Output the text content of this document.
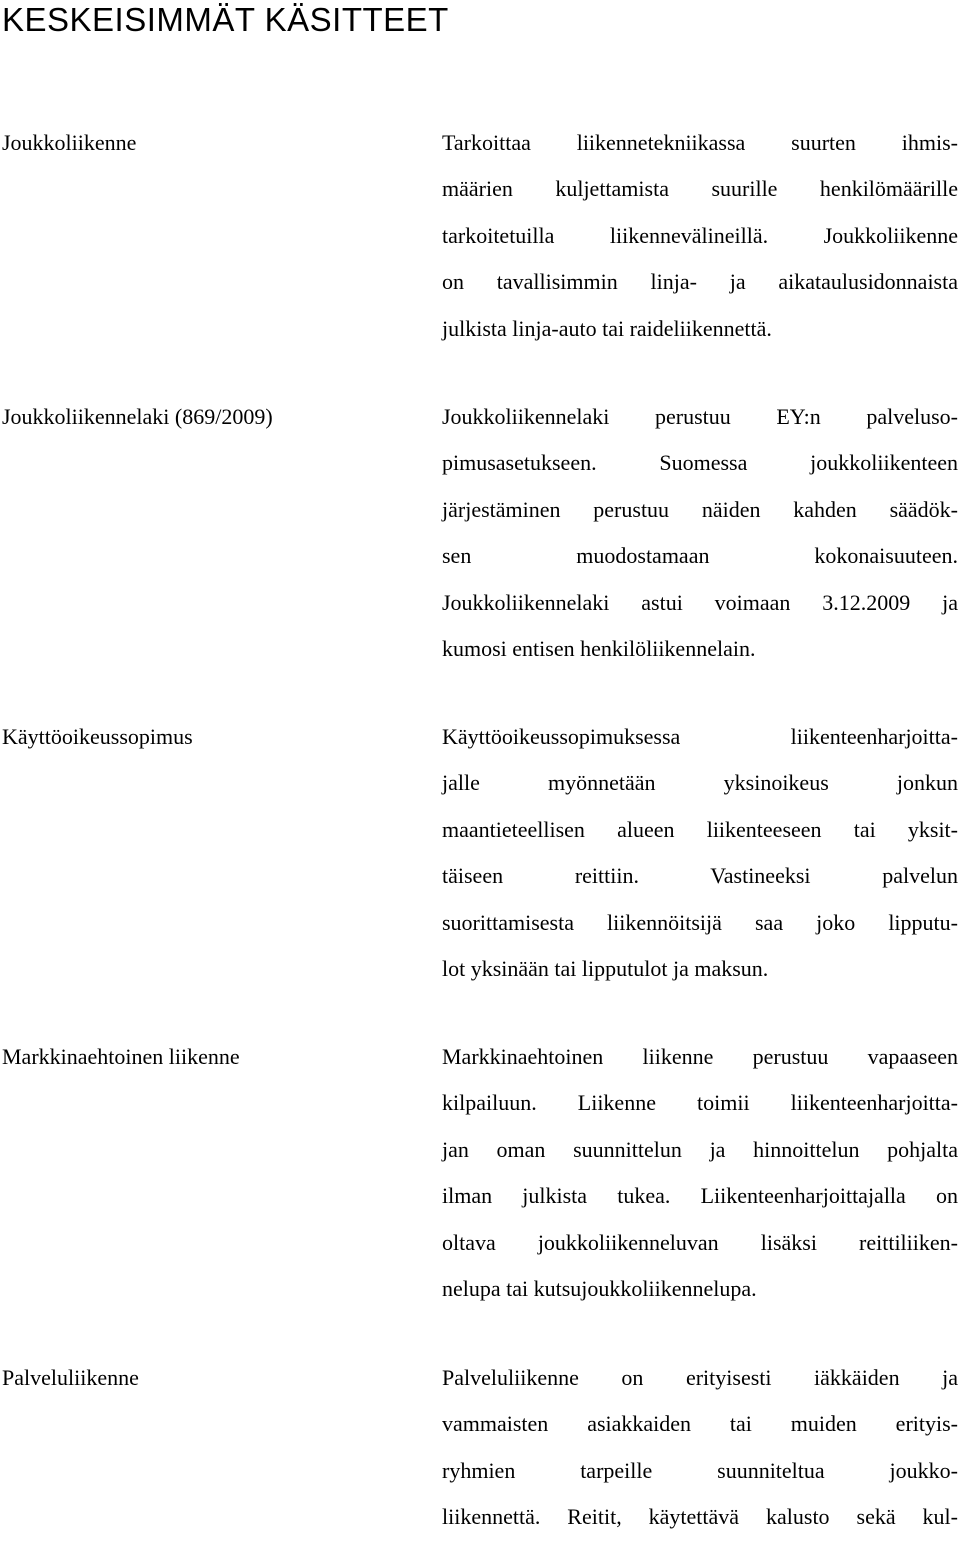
KESKEISIMMÄT KÄSITTEET
Joukkoliikenne	Tarkoittaa liikennetekniikassa suurten ihmis-
määrien kuljettamista suurille henkilömäärille
tarkoitetuilla liikennevälineillä. Joukkoliikenne
on tavallisimmin linja- ja aikataulusidonnaista
julkista linja-auto tai raideliikennettä.
Joukkoliikennelaki (869/2009)	Joukkoliikennelaki perustuu EY:n palveluso-
pimusasetukseen. Suomessa joukkoliikenteen
järjestäminen perustuu näiden kahden säädök-
sen muodostamaan kokonaisuuteen.
Joukkoliikennelaki astui voimaan 3.12.2009 ja
kumosi entisen henkilöliikennelain.
Käyttöoikeussopimus	Käyttöoikeussopimuksessa liikenteenharjoitta-
jalle myönnetään yksinoikeus jonkun
maantieteellisen alueen liikenteeseen tai yksit-
täiseen reittiin. Vastineeksi palvelun
suorittamisesta liikennöitsijä saa joko lipputu-
lot yksinään tai lipputulot ja maksun.
Markkinaehtoinen liikenne	Markkinaehtoinen liikenne perustuu vapaaseen
kilpailuun. Liikenne toimii liikenteenharjoitta-
jan oman suunnittelun ja hinnoittelun pohjalta
ilman julkista tukea. Liikenteenharjoittajalla on
oltava joukkoliikenneluvan lisäksi reittiliiken-
nelupa tai kutsujoukkoliikennelupa.
Palveluliikenne	Palveluliikenne on erityisesti iäkkäiden ja
vammaisten asiakkaiden tai muiden erityis-
ryhmien tarpeille suunniteltua joukko-
liikennettä. Reitit, käytettävä kalusto sekä kul-
